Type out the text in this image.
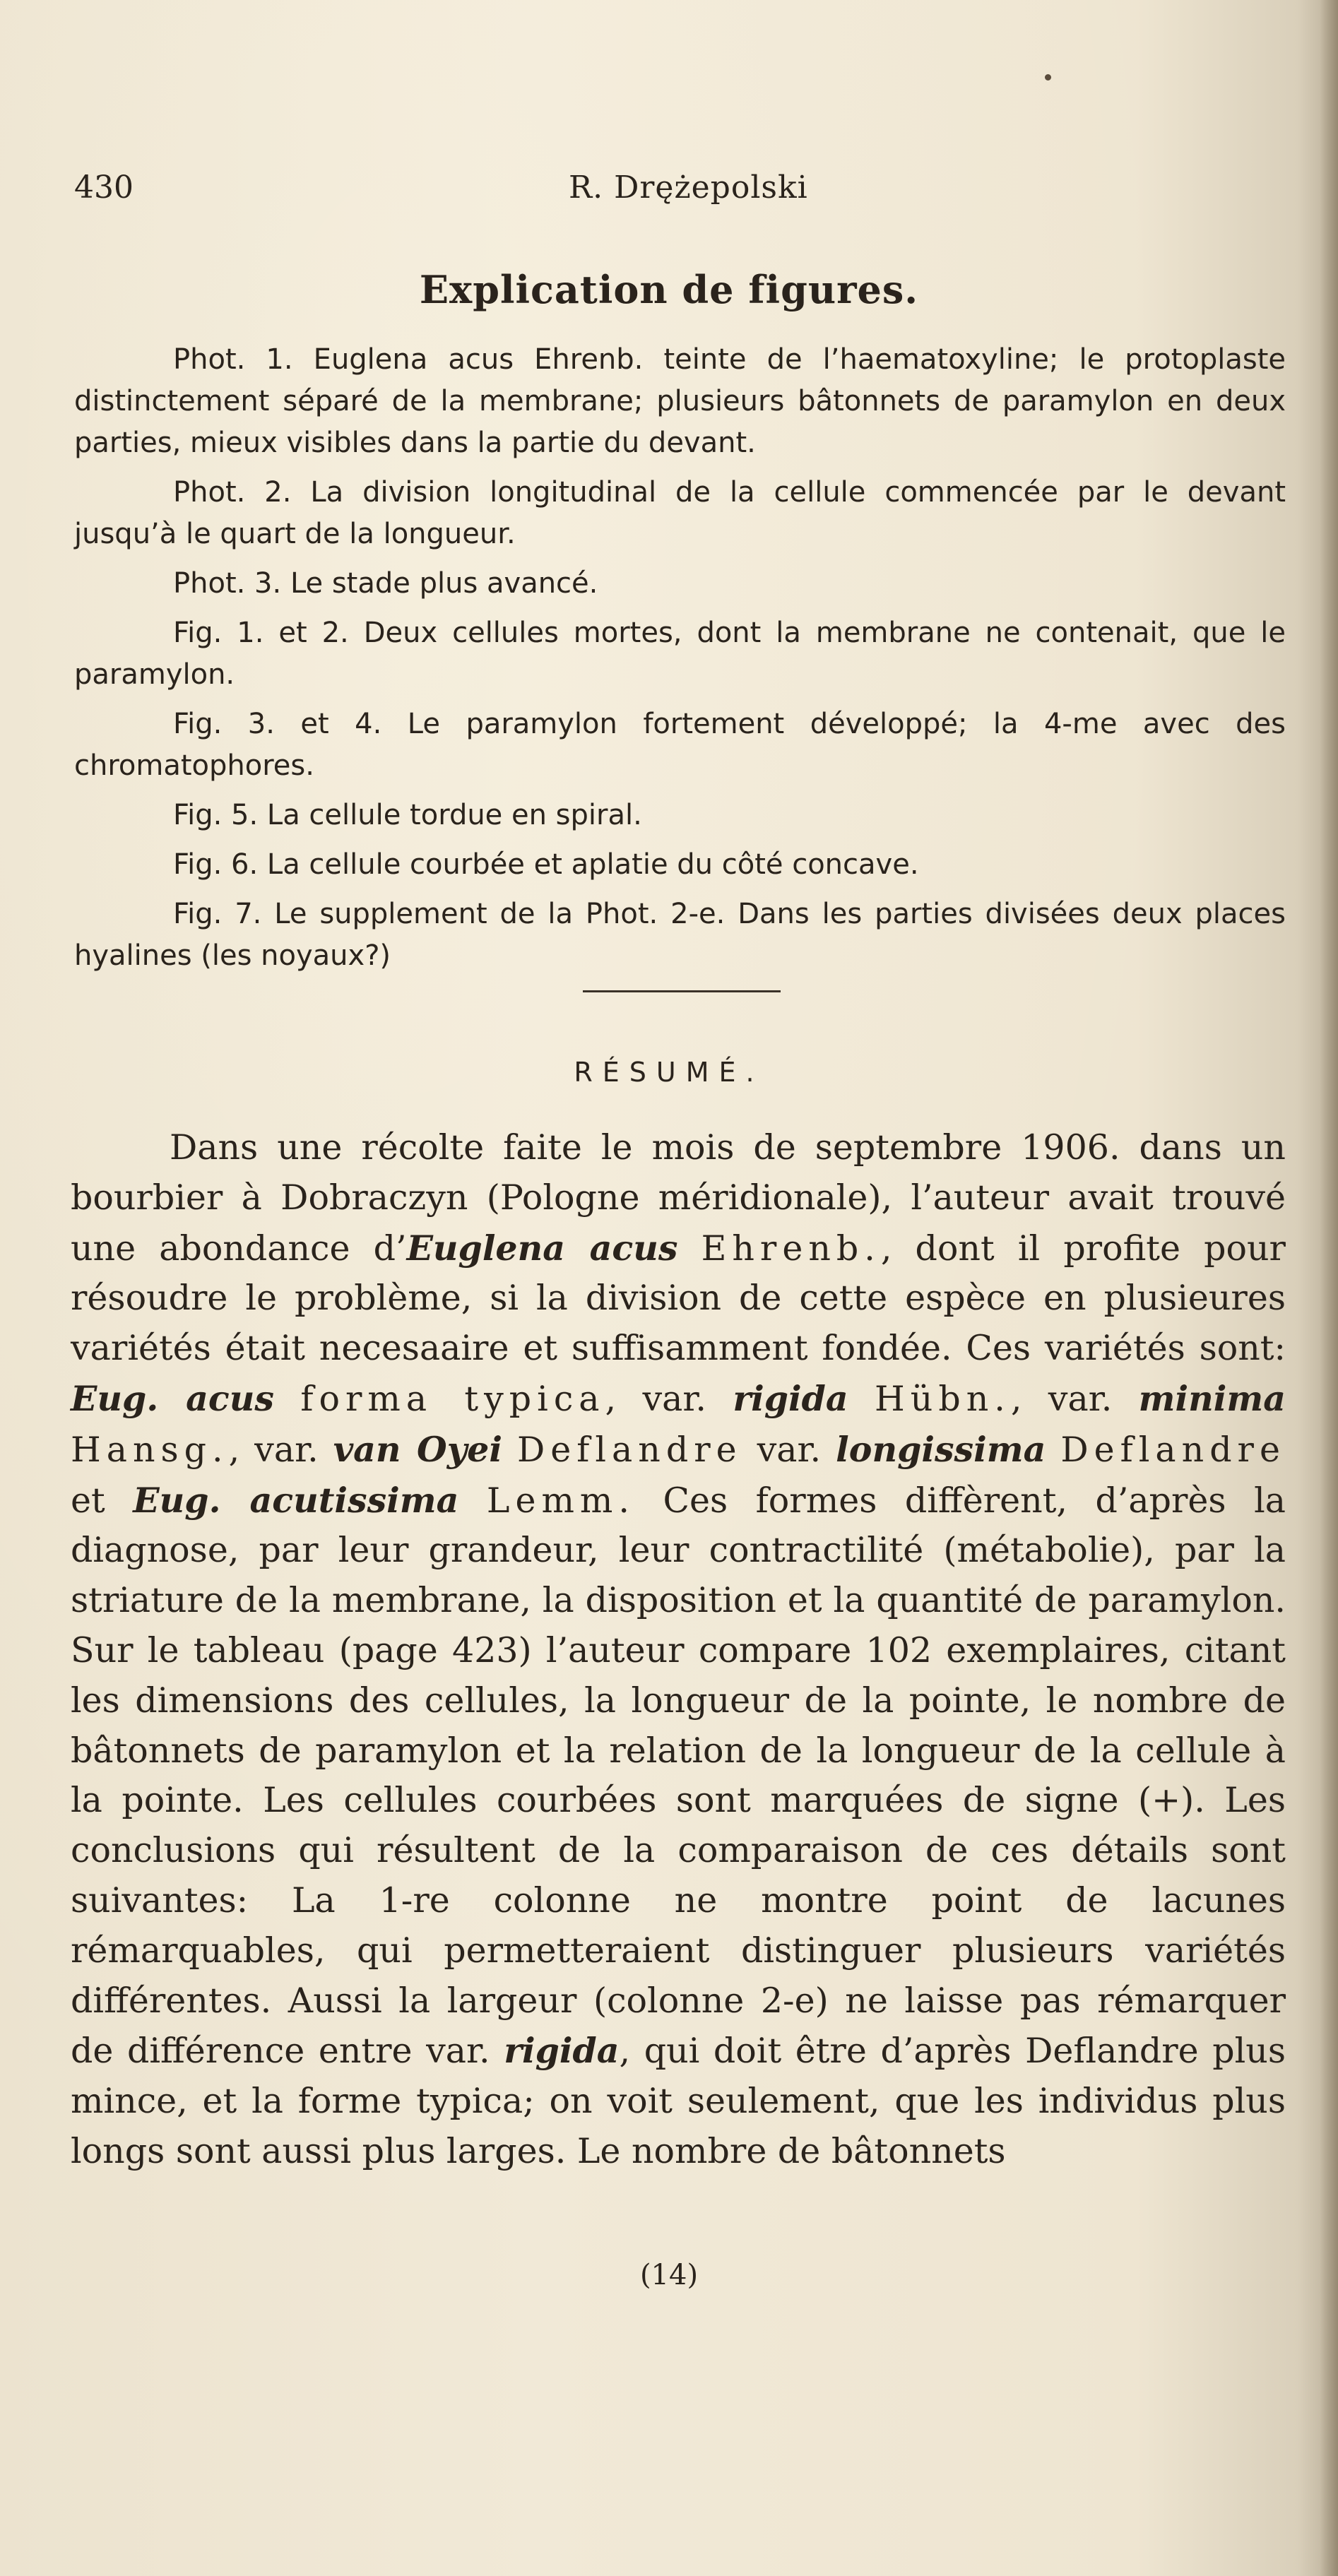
430	R. Drężepolski
Explication de figures.

Phot. 1. Euglena acus Ehrenb. teinte de l’haematoxyline; le protoplaste distinctement séparé de la membrane; plusieurs bâtonnets de paramylon en deux parties, mieux visibles dans la partie du devant.

Phot. 2. La division longitudinal de la cellule commencée par le devant jusqu’à le quart de la longueur.

Phot. 3. Le stade plus avancé.

Fig. 1. et 2. Deux cellules mortes, dont la membrane ne contenait, que le paramylon.

Fig. 3. et 4. Le paramylon fortement développé; la 4-me avec des chromatophores.

Fig. 5. La cellule tordue en spiral.

Fig. 6. La cellule courbée et aplatie du côté concave.

Fig. 7. Le supplement de la Phot. 2-e. Dans les parties divisées deux places hyalines (les noyaux?)

RÉSUMÉ.

Dans une récolte faite le mois de septembre 1906. dans un bourbier à Dobraczyn (Pologne méridionale), l’auteur avait trouvé une abondance d’Euglena acus Ehrenb., dont il profite pour résoudre le problème, si la division de cette espèce en plusieures variétés était necesaaire et suffisamment fondée. Ces variétés sont: Eug. acus forma typica, var. rigida Hübn., var. minima Hansg., var. van Oyei Deflandre var. longissima Deflandre et Eug. acutissima Lemm. Ces formes diffèrent, d’après la diagnose, par leur grandeur, leur contractilité (métabolie), par la striature de la membrane, la disposition et la quantité de paramylon. Sur le tableau (page 423) l’auteur compare 102 exemplaires, citant les dimensions des cellules, la longueur de la pointe, le nombre de bâtonnets de paramylon et la relation de la longueur de la cellule à la pointe. Les cellules courbées sont marquées de signe (+). Les conclusions qui résultent de la comparaison de ces détails sont suivantes: La 1-re colonne ne montre point de lacunes rémarquables, qui permetteraient distinguer plusieurs variétés différentes. Aussi la largeur (colonne 2-e) ne laisse pas rémarquer de différence entre var. rigida, qui doit être d’après Deflandre plus mince, et la forme typica; on voit seulement, que les individus plus longs sont aussi plus larges. Le nombre de bâtonnets

(14)
